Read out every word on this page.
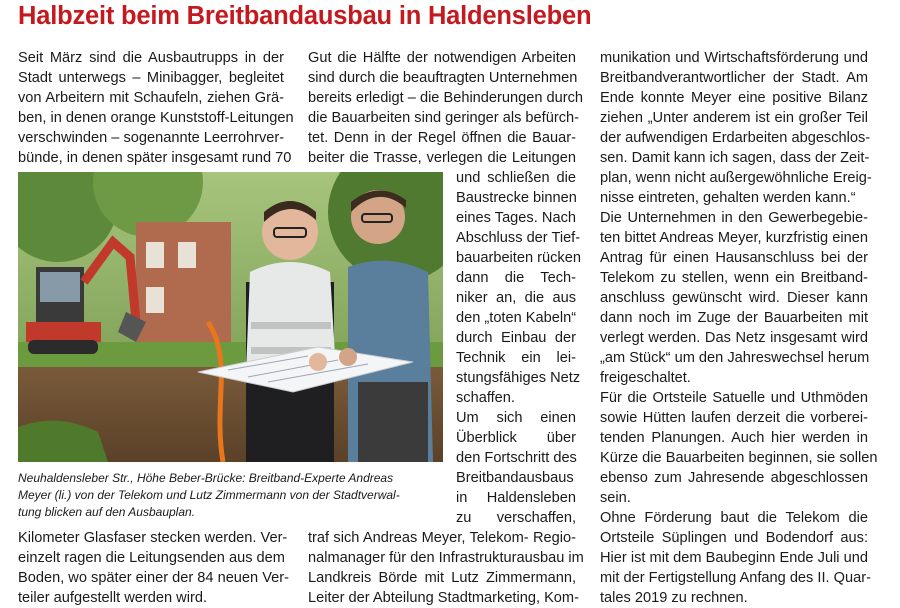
Halbzeit beim Breitbandausbau in Haldensleben

Seit März sind die Ausbautrupps in der

Stadt unterwegs – Minibagger, begleitet

von Arbeitern mit Schaufeln, ziehen Grä-

ben, in denen orange Kunststoff-Leitungen

verschwinden – sogenannte Leerrohrver-

bünde, in denen später insgesamt rund 70

Gut die Hälfte der notwendigen Arbeiten

sind durch die beauftragten Unternehmen

bereits erledigt – die Behinderungen durch

die Bauarbeiten sind geringer als befürch-

tet. Denn in der Regel öffnen die Bauar-

beiter die Trasse, verlegen die Leitungen

und schließen die

Baustrecke binnen

eines Tages. Nach

Abschluss der Tief-

bauarbeiten rücken

dann die Tech-

niker an, die aus

den „toten Kabeln“

durch Einbau der

Technik ein lei-

stungsfähiges Netz

schaffen.

Um sich einen

Überblick über

den Fortschritt des

Breitbandausbaus

in Haldensleben

zu verschaffen,

Neuhaldensleber Str., Höhe Beber-Brücke: Breitband-Experte Andreas

Meyer (li.) von der Telekom und Lutz Zimmermann von der Stadtverwal-

tung blicken auf den Ausbauplan.

Kilometer Glasfaser stecken werden. Ver-

einzelt ragen die Leitungsenden aus dem

Boden, wo später einer der 84 neuen Ver-

teiler aufgestellt werden wird.

traf sich Andreas Meyer, Telekom- Regio-

nalmanager für den Infrastrukturausbau im

Landkreis Börde mit Lutz Zimmermann,

Leiter der Abteilung Stadtmarketing, Kom-

munikation und Wirtschaftsförderung und

Breitbandverantwortlicher der Stadt. Am

Ende konnte Meyer eine positive Bilanz

ziehen „Unter anderem ist ein großer Teil

der aufwendigen Erdarbeiten abgeschlos-

sen. Damit kann ich sagen, dass der Zeit-

plan, wenn nicht außergewöhnliche Ereig-

nisse eintreten, gehalten werden kann.“

Die Unternehmen in den Gewerbegebie-

ten bittet Andreas Meyer, kurzfristig einen

Antrag für einen Hausanschluss bei der

Telekom zu stellen, wenn ein Breitband-

anschluss gewünscht wird. Dieser kann

dann noch im Zuge der Bauarbeiten mit

verlegt werden. Das Netz insgesamt wird

„am Stück“ um den Jahreswechsel herum

freigeschaltet.

Für die Ortsteile Satuelle und Uthmöden

sowie Hütten laufen derzeit die vorberei-

tenden Planungen. Auch hier werden in

Kürze die Bauarbeiten beginnen, sie sollen

ebenso zum Jahresende abgeschlossen

sein.

Ohne Förderung baut die Telekom die

Ortsteile Süplingen und Bodendorf aus:

Hier ist mit dem Baubeginn Ende Juli und

mit der Fertigstellung Anfang des II. Quar-

tales 2019 zu rechnen.
